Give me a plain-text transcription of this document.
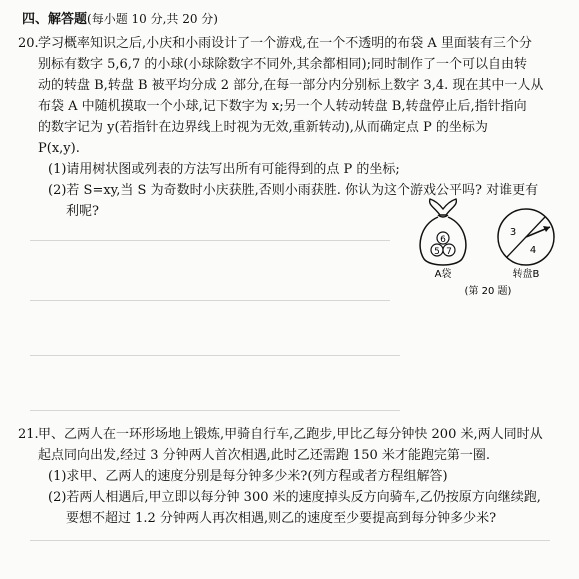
四、解答题(每小题 10 分,共 20 分)
20. 学习概率知识之后,小庆和小雨设计了一个游戏,在一个不透明的布袋 A 里面装有三个分
别标有数字 5,6,7 的小球(小球除数字不同外,其余都相同);同时制作了一个可以自由转
动的转盘 B,转盘 B 被平均分成 2 部分,在每一部分内分别标上数字 3,4. 现在其中一人从
布袋 A 中随机摸取一个小球,记下数字为 x;另一个人转动转盘 B,转盘停止后,指针指向
的数字记为 y(若指针在边界线上时视为无效,重新转动),从而确定点 P 的坐标为
P(x,y).
(1)请用树状图或列表的方法写出所有可能得到的点 P 的坐标;
(2)若 S=xy,当 S 为奇数时小庆获胜,否则小雨获胜. 你认为这个游戏公平吗? 对谁更有
利呢?
6
5 7
A袋
3
4
转盘B
(第 20 题)
21. 甲、乙两人在一环形场地上锻炼,甲骑自行车,乙跑步,甲比乙每分钟快 200 米,两人同时从
起点同向出发,经过 3 分钟两人首次相遇,此时乙还需跑 150 米才能跑完第一圈.
(1)求甲、乙两人的速度分别是每分钟多少米?(列方程或者方程组解答)
(2)若两人相遇后,甲立即以每分钟 300 米的速度掉头反方向骑车,乙仍按原方向继续跑,
要想不超过 1.2 分钟两人再次相遇,则乙的速度至少要提高到每分钟多少米?
